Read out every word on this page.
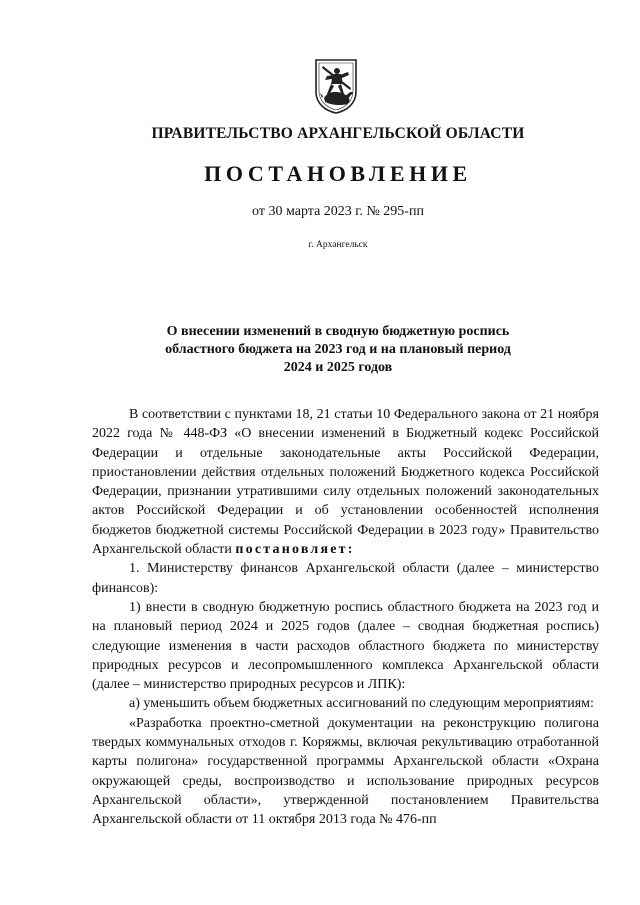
ПРАВИТЕЛЬСТВО АРХАНГЕЛЬСКОЙ ОБЛАСТИ
ПОСТАНОВЛЕНИЕ
от 30 марта 2023 г. № 295-пп
г. Архангельск
О внесении изменений в сводную бюджетную роспись
областного бюджета на 2023 год и на плановый период
2024 и 2025 годов

В соответствии с пунктами 18, 21 статьи 10 Федерального закона от 21 ноября 2022 года № 448-ФЗ «О внесении изменений в Бюджетный кодекс Российской Федерации и отдельные законодательные акты Российской Федерации, приостановлении действия отдельных положений Бюджетного кодекса Российской Федерации, признании утратившими силу отдельных положений законодательных актов Российской Федерации и об установлении особенностей исполнения бюджетов бюджетной системы Российской Федерации в 2023 году» Правительство Архангельской области постановляет:

1. Министерству финансов Архангельской области (далее – министерство финансов):

1) внести в сводную бюджетную роспись областного бюджета на 2023 год и на плановый период 2024 и 2025 годов (далее – сводная бюджетная роспись) следующие изменения в части расходов областного бюджета по министерству природных ресурсов и лесопромышленного комплекса Архангельской области (далее – министерство природных ресурсов и ЛПК):

а) уменьшить объем бюджетных ассигнований по следующим мероприятиям:

«Разработка проектно-сметной документации на реконструкцию полигона твердых коммунальных отходов г. Коряжмы, включая рекультивацию отработанной карты полигона» государственной программы Архангельской области «Охрана окружающей среды, воспроизводство и использование природных ресурсов Архангельской области», утвержденной постановлением Правительства Архангельской области от 11 октября 2013 года № 476-пп
